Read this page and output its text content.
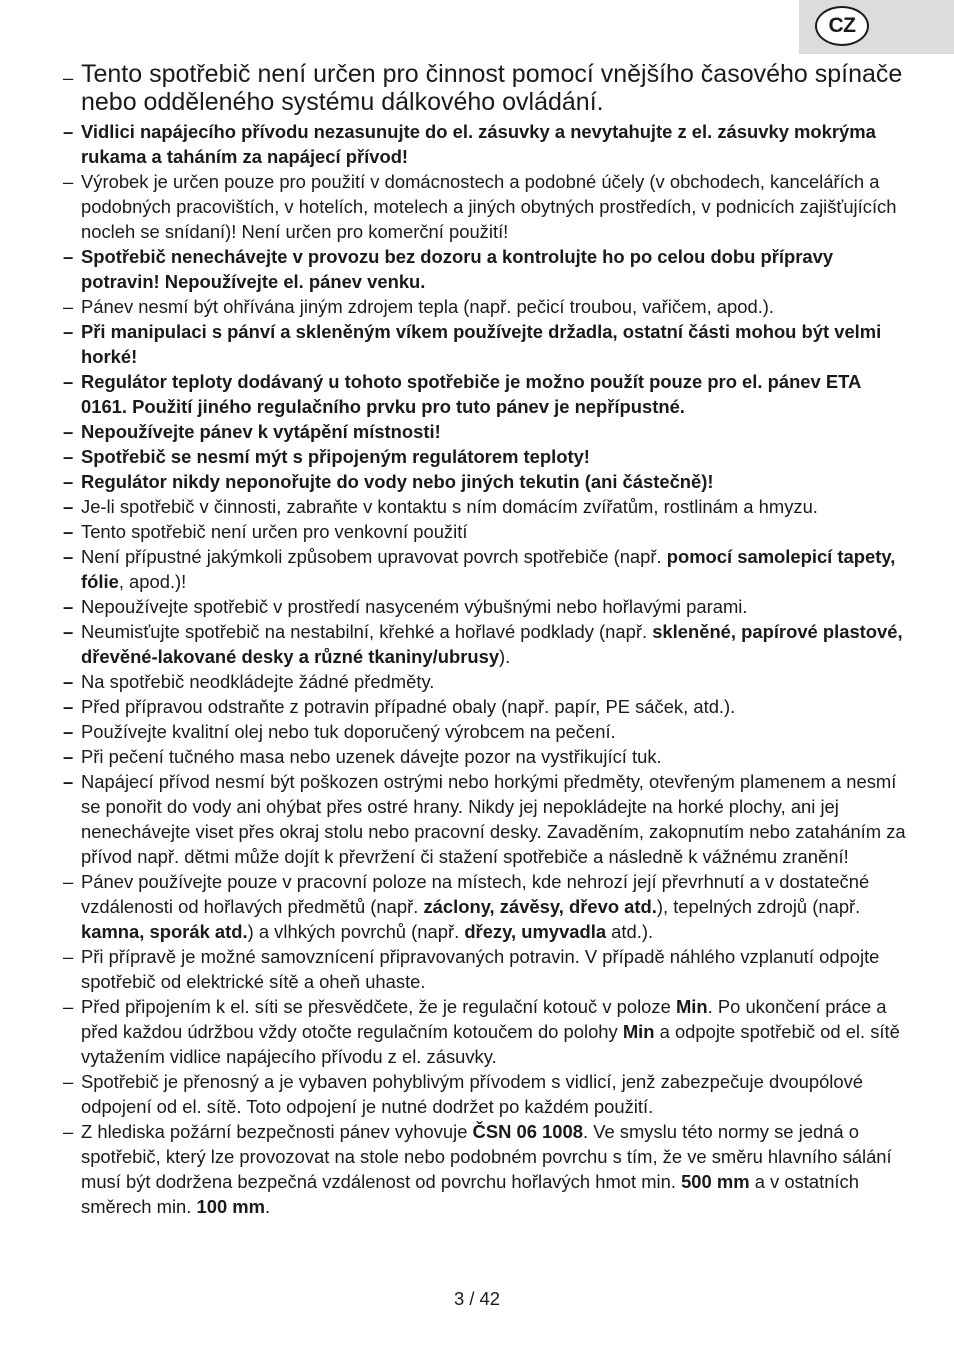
CZ
– Tento spotřebič není určen pro činnost pomocí vnějšího časového spínače nebo odděleného systému dálkového ovládání.
– Vidlici napájecího přívodu nezasunujte do el. zásuvky a nevytahujte z el. zásuvky mokrýma rukama a taháním za napájecí přívod!
– Výrobek je určen pouze pro použití v domácnostech a podobné účely (v obchodech, kancelářích a podobných pracovištích, v hotelích, motelech a jiných obytných prostředích, v podnicích zajišťujících nocleh se snídaní)! Není určen pro komerční použití!
– Spotřebič nenechávejte v provozu bez dozoru a kontrolujte ho po celou dobu přípravy potravin! Nepoužívejte el. pánev venku.
– Pánev nesmí být ohřívána jiným zdrojem tepla (např. pečicí troubou, vařičem, apod.).
– Při manipulaci s pánví a skleněným víkem používejte držadla, ostatní části mohou být velmi horké!
– Regulátor teploty dodávaný u tohoto spotřebiče je možno použít pouze pro el. pánev ETA 0161. Použití jiného regulačního prvku pro tuto pánev je nepřípustné.
– Nepoužívejte pánev k vytápění místnosti!
– Spotřebič se nesmí mýt s připojeným regulátorem teploty!
– Regulátor nikdy neponořujte do vody nebo jiných tekutin (ani částečně)!
– Je-li spotřebič v činnosti, zabraňte v kontaktu s ním domácím zvířatům, rostlinám a hmyzu.
– Tento spotřebič není určen pro venkovní použití
– Není přípustné jakýmkoli způsobem upravovat povrch spotřebiče (např. pomocí samolepicí tapety, fólie, apod.)!
– Nepoužívejte spotřebič v prostředí nasyceném výbušnými nebo hořlavými parami.
– Neumisťujte spotřebič na nestabilní, křehké a hořlavé podklady (např. skleněné, papírové plastové, dřevěné-lakované desky a různé tkaniny/ubrusy).
– Na spotřebič neodkládejte žádné předměty.
– Před přípravou odstraňte z potravin případné obaly (např. papír, PE sáček, atd.).
– Používejte kvalitní olej nebo tuk doporučený výrobcem na pečení.
– Při pečení tučného masa nebo uzenek dávejte pozor na vystřikující tuk.
– Napájecí přívod nesmí být poškozen ostrými nebo horkými předměty, otevřeným plamenem a nesmí se ponořit do vody ani ohýbat přes ostré hrany. Nikdy jej nepokládejte na horké plochy, ani jej nenechávejte viset přes okraj stolu nebo pracovní desky. Zavaděním, zakopnutím nebo zataháním za přívod např. dětmi může dojít k převržení či stažení spotřebiče a následně k vážnému zranění!
– Pánev používejte pouze v pracovní poloze na místech, kde nehrozí její převrhnutí a v dostatečné vzdálenosti od hořlavých předmětů (např. záclony, závěsy, dřevo atd.), tepelných zdrojů (např. kamna, sporák atd.) a vlhkých povrchů (např. dřezy, umyvadla atd.).
– Při přípravě je možné samovznícení připravovaných potravin. V případě náhlého vzplanutí odpojte spotřebič od elektrické sítě a oheň uhaste.
– Před připojením k el. síti se přesvědčete, že je regulační kotouč v poloze Min. Po ukončení práce a před každou údržbou vždy otočte regulačním kotoučem do polohy Min a odpojte spotřebič od el. sítě vytažením vidlice napájecího přívodu z el. zásuvky.
– Spotřebič je přenosný a je vybaven pohyblivým přívodem s vidlicí, jenž zabezpečuje dvoupólové odpojení od el. sítě. Toto odpojení je nutné dodržet po každém použití.
– Z hlediska požární bezpečnosti pánev vyhovuje ČSN 06 1008. Ve smyslu této normy se jedná o spotřebič, který lze provozovat na stole nebo podobném povrchu s tím, že ve směru hlavního sálání musí být dodržena bezpečná vzdálenost od povrchu hořlavých hmot min. 500 mm a v ostatních směrech min. 100 mm.
3 / 42
